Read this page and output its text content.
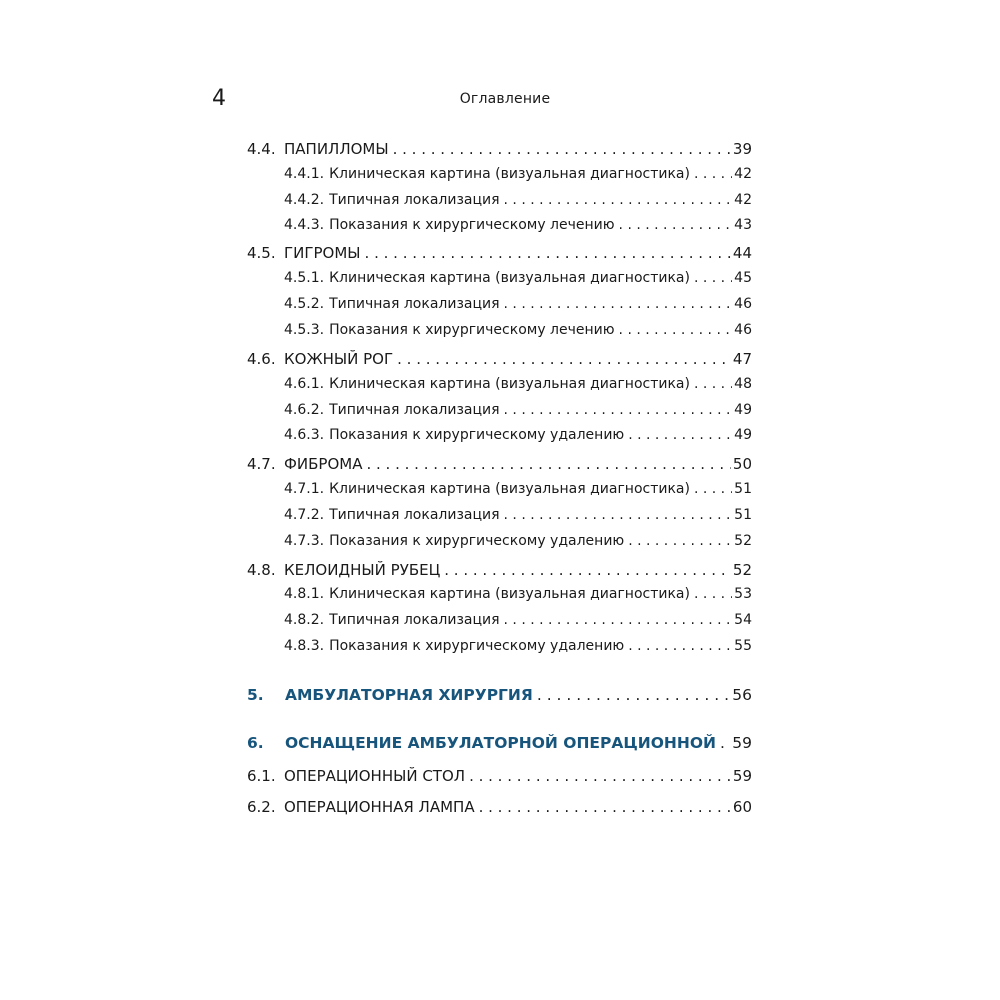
4	Оглавление
4.4. ПАПИЛЛОМЫ . . .	39
4.4.1. Клиническая картина (визуальная диагностика) . . .	42
4.4.2. Типичная локализация . . .	42
4.4.3. Показания к хирургическому лечению . . .	43
4.5. ГИГРОМЫ . . .	44
4.5.1. Клиническая картина (визуальная диагностика) . . .	45
4.5.2. Типичная локализация . . .	46
4.5.3. Показания к хирургическому лечению . . .	46
4.6. КОЖНЫЙ РОГ . . .	47
4.6.1. Клиническая картина (визуальная диагностика) . . .	48
4.6.2. Типичная локализация . . .	49
4.6.3. Показания к хирургическому удалению . . .	49
4.7. ФИБРОМА . . .	50
4.7.1. Клиническая картина (визуальная диагностика) . . .	51
4.7.2. Типичная локализация . . .	51
4.7.3. Показания к хирургическому удалению . . .	52
4.8. КЕЛОИДНЫЙ РУБЕЦ . . .	52
4.8.1. Клиническая картина (визуальная диагностика) . . .	53
4.8.2. Типичная локализация . . .	54
4.8.3. Показания к хирургическому удалению . . .	55
5.	АМБУЛАТОРНАЯ ХИРУРГИЯ . . .	56
6.	ОСНАЩЕНИЕ АМБУЛАТОРНОЙ ОПЕРАЦИОННОЙ . . . 59
6.1. ОПЕРАЦИОННЫЙ СТОЛ . . .	59
6.2. ОПЕРАЦИОННАЯ ЛАМПА . . .	60
